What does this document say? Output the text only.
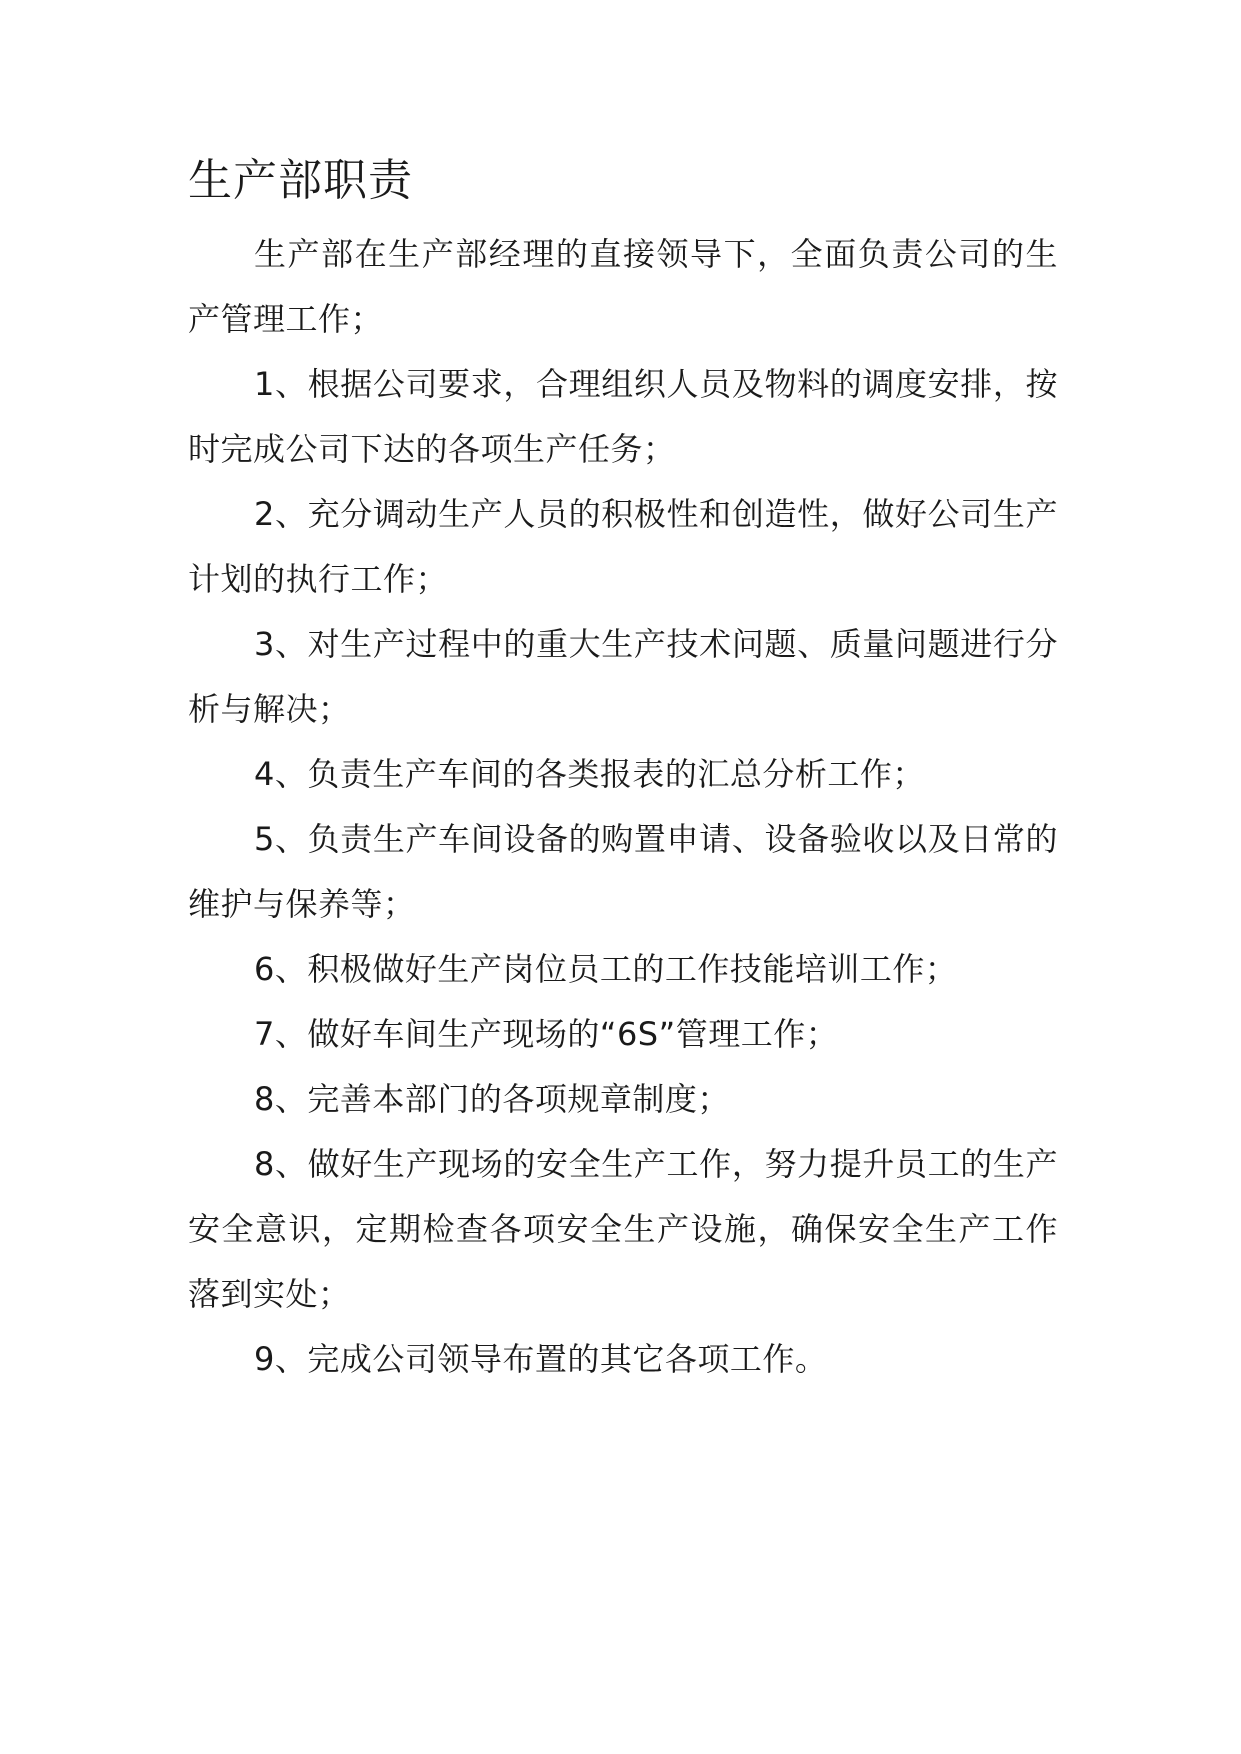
生产部职责

生产部在生产部经理的直接领导下，全面负责公司的生产管理工作；

1、根据公司要求，合理组织人员及物料的调度安排，按时完成公司下达的各项生产任务；

2、充分调动生产人员的积极性和创造性，做好公司生产计划的执行工作；

3、对生产过程中的重大生产技术问题、质量问题进行分析与解决；

4、负责生产车间的各类报表的汇总分析工作；

5、负责生产车间设备的购置申请、设备验收以及日常的维护与保养等；

6、积极做好生产岗位员工的工作技能培训工作；

7、做好车间生产现场的“6S”管理工作；

8、完善本部门的各项规章制度；

8、做好生产现场的安全生产工作，努力提升员工的生产安全意识，定期检查各项安全生产设施，确保安全生产工作落到实处；

9、完成公司领导布置的其它各项工作。
